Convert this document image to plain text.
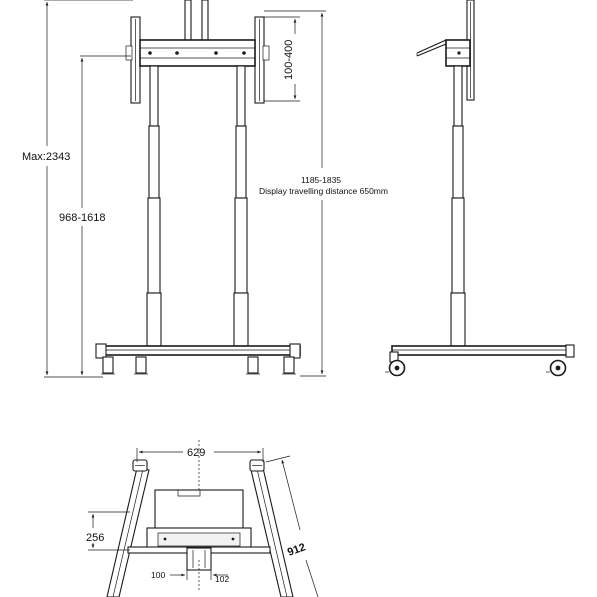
Max:2343
968-1618
100-400
1185-1835
Display travelling distance 650mm
629
912
256
100	102
